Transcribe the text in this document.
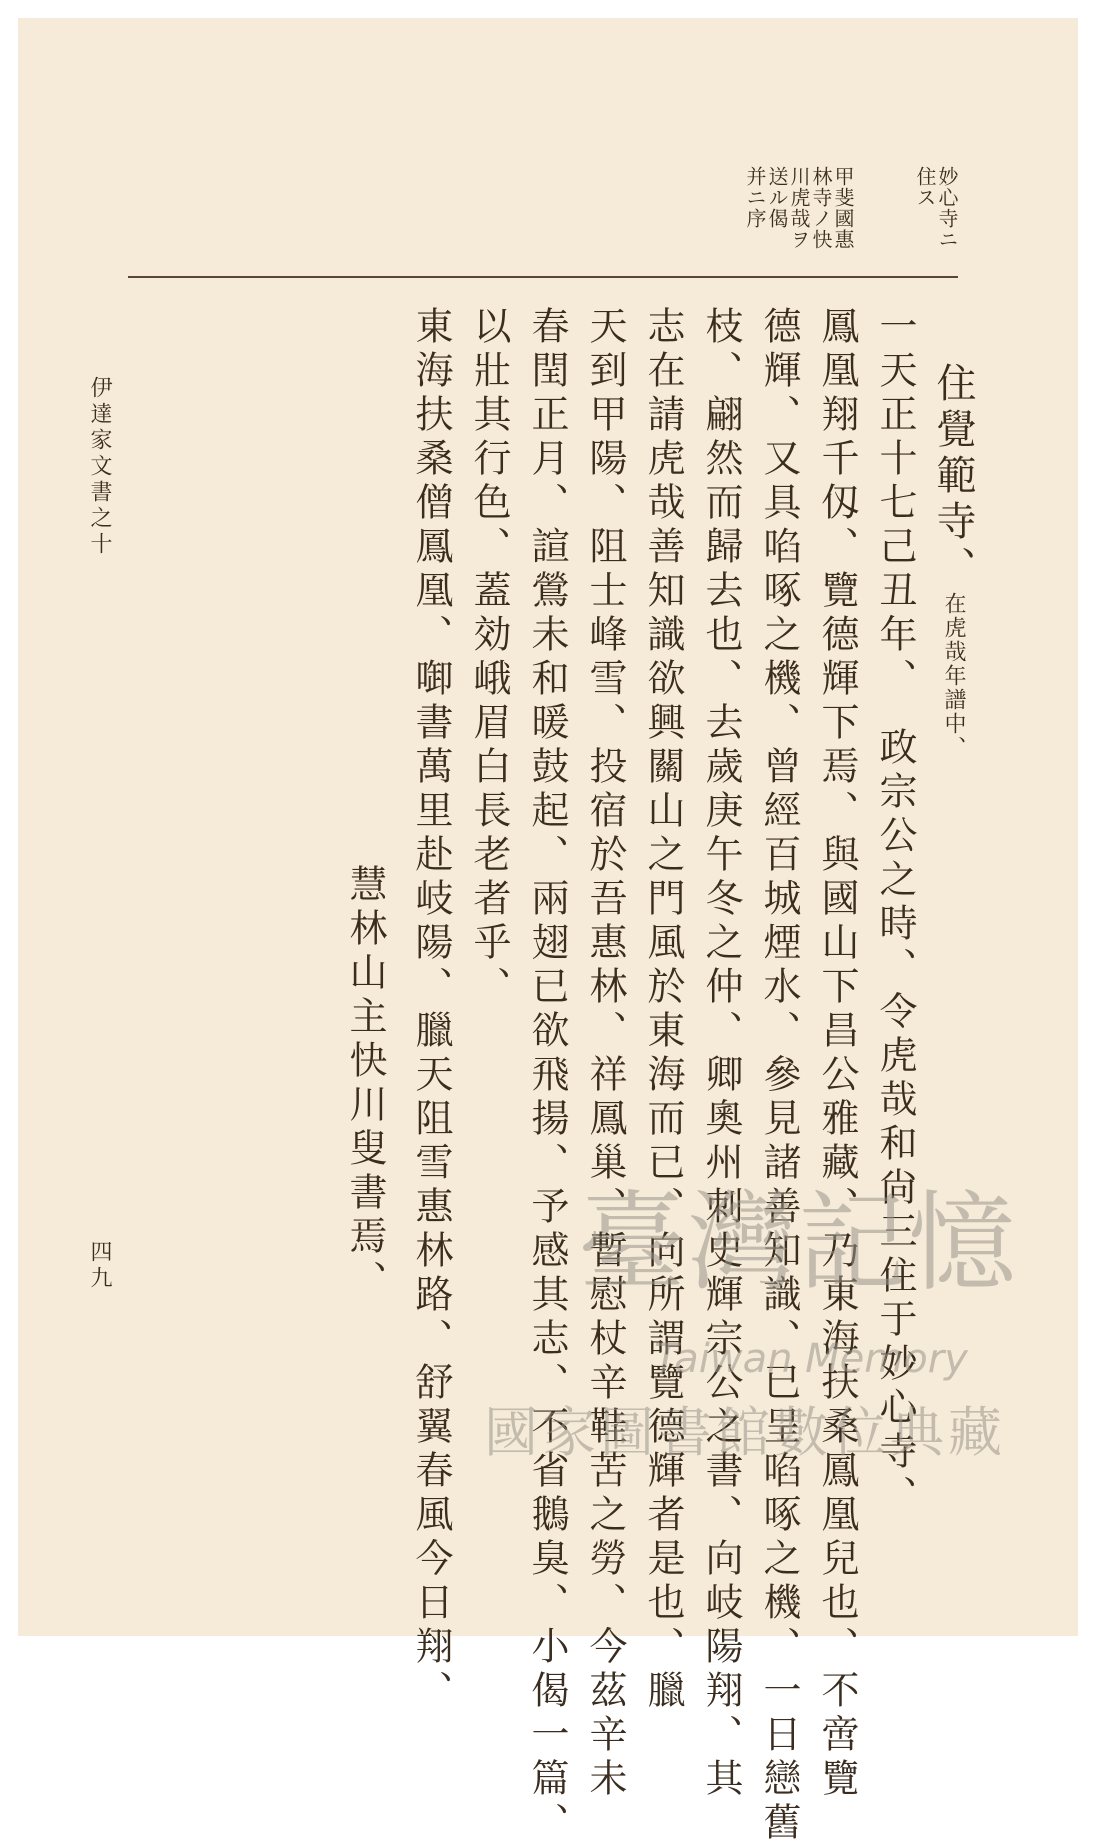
伊達家文書之十
四九
妙心寺ニ
住ス
甲斐國惠
林寺ノ快
川虎哉ヲ
送ル偈
并ニ序
住覺範寺、在虎哉年譜中、
一天正十七己丑年、　政宗公之時、令虎哉和尙三住于妙心寺、
鳳凰翔千仭、覽德輝下焉、與國山下昌公雅藏、乃東海扶桑鳳凰兒也、不啻覽
德輝、又具啗啄之機、曾經百城煙水、參見諸善知識、已呈啗啄之機、一日戀舊
枝、翩然而歸去也、去歲庚午冬之仲、卿奧州刺史輝宗公之書、向岐陽翔、其
志在請虎哉善知識欲興關山之門風於東海而已、向所謂覽德輝者是也、臘
天到甲陽、阻士峰雪、投宿於吾惠林、祥鳳巢、暫慰杖辛鞋苦之勞、今茲辛未
春閏正月、諠鶯未和暖鼓起、兩翅已欲飛揚、予感其志、不省鵝臭、小偈一篇、
以壯其行色、蓋効峨眉白長老者乎、
東海扶桑僧鳳凰、啣書萬里赴岐陽、臘天阻雪惠林路、舒翼春風今日翔、
慧林山主快川叟書焉、 臺灣記憶
Taiwan Memory
國家圖書館數位典藏
